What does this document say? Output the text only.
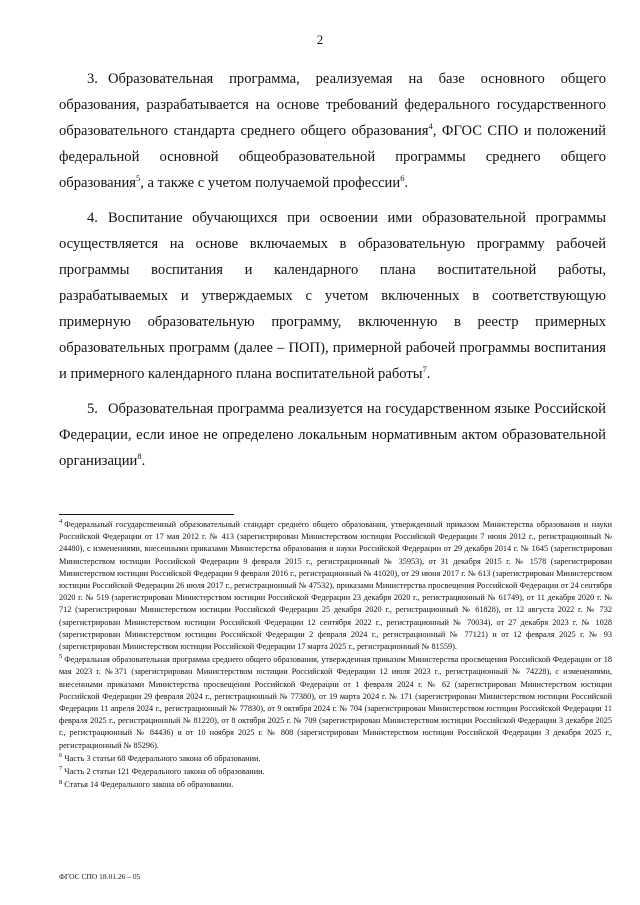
2

3. Образовательная программа, реализуемая на базе основного общего образования, разрабатывается на основе требований федерального государственного образовательного стандарта среднего общего образования$^4$, ФГОС СПО и положений федеральной основной общеобразовательной программы среднего общего образования$^5$, а также с учетом получаемой профессии$^6$.

4. Воспитание обучающихся при освоении ими образовательной программы осуществляется на основе включаемых в образовательную программу рабочей программы воспитания и календарного плана воспитательной работы, разрабатываемых и утверждаемых с учетом включенных в соответствующую примерную образовательную программу, включенную в реестр примерных образовательных программ (далее – ПОП), примерной рабочей программы воспитания и примерного календарного плана воспитательной работы$^7$.

5. Образовательная программа реализуется на государственном языке Российской Федерации, если иное не определено локальным нормативным актом образовательной организации$^8$.

$^4$ Федеральный государственный образовательный стандарт среднего общего образования, утвержденный приказом Министерства образования и науки Российской Федерации от 17 мая 2012 г. № 413 (зарегистрирован Министерством юстиции Российской Федерации 7 июня 2012 г., регистрационный № 24480), с изменениями, внесенными приказами Министерства образования и науки Российской Федерации от 29 декабря 2014 г. № 1645 (зарегистрирован Министерством юстиции Российской Федерации 9 февраля 2015 г., регистрационный № 35953), от 31 декабря 2015 г. № 1578 (зарегистрирован Министерством юстиции Российской Федерации 9 февраля 2016 г., регистрационный № 41020), от 29 июня 2017 г. № 613 (зарегистрирован Министерством юстиции Российской Федерации 26 июля 2017 г., регистрационный № 47532), приказами Министерства просвещения Российской Федерации от 24 сентября 2020 г. № 519 (зарегистрирован Министерством юстиции Российской Федерации 23 декабря 2020 г., регистрационный № 61749), от 11 декабря 2020 г. № 712 (зарегистрирован Министерством юстиции Российской Федерации 25 декабря 2020 г., регистрационный № 61828), от 12 августа 2022 г. № 732 (зарегистрирован Министерством юстиции Российской Федерации 12 сентября 2022 г., регистрационный № 70034), от 27 декабря 2023 г. № 1028 (зарегистрирован Министерством юстиции Российской Федерации 2 февраля 2024 г., регистрационный № 77121) и от 12 февраля 2025 г. № 93 (зарегистрирован Министерством юстиции Российской Федерации 17 марта 2025 г., регистрационный № 81559).

$^5$ Федеральная образовательная программа среднего общего образования, утвержденная приказом Министерства просвещения Российской Федерации от 18 мая 2023 г. №371 (зарегистрирован Министерством юстиции Российской Федерации 12 июля 2023 г., регистрационный № 74228), с изменениями, внесенными приказами Министерства просвещения Российской Федерации от 1 февраля 2024 г. № 62 (зарегистрирован Министерством юстиции Российской Федерации 29 февраля 2024 г., регистрационный № 77380), от 19 марта 2024 г. № 171 (зарегистрирован Министерством юстиции Российской Федерации 11 апреля 2024 г., регистрационный № 77830), от 9 октября 2024 г. № 704 (зарегистрирован Министерством юстиции Российской Федерации 11 февраля 2025 г., регистрационный № 81220), от 8 октября 2025 г. № 709 (зарегистрирован Министерством юстиции Российской Федерации 3 декабря 2025 г., регистрационный № 84436) и от 10 ноября 2025 г. № 808 (зарегистрирован Министерством юстиции Российской Федерации 3 декабря 2025 г., регистрационный № 85296).

$^6$ Часть 3 статьи 68 Федерального закона об образовании.

$^7$ Часть 2 статьи 121 Федерального закона об образовании.

$^8$ Статья 14 Федерального закона об образовании.

ФГОС СПО 18.01.26 – 05
